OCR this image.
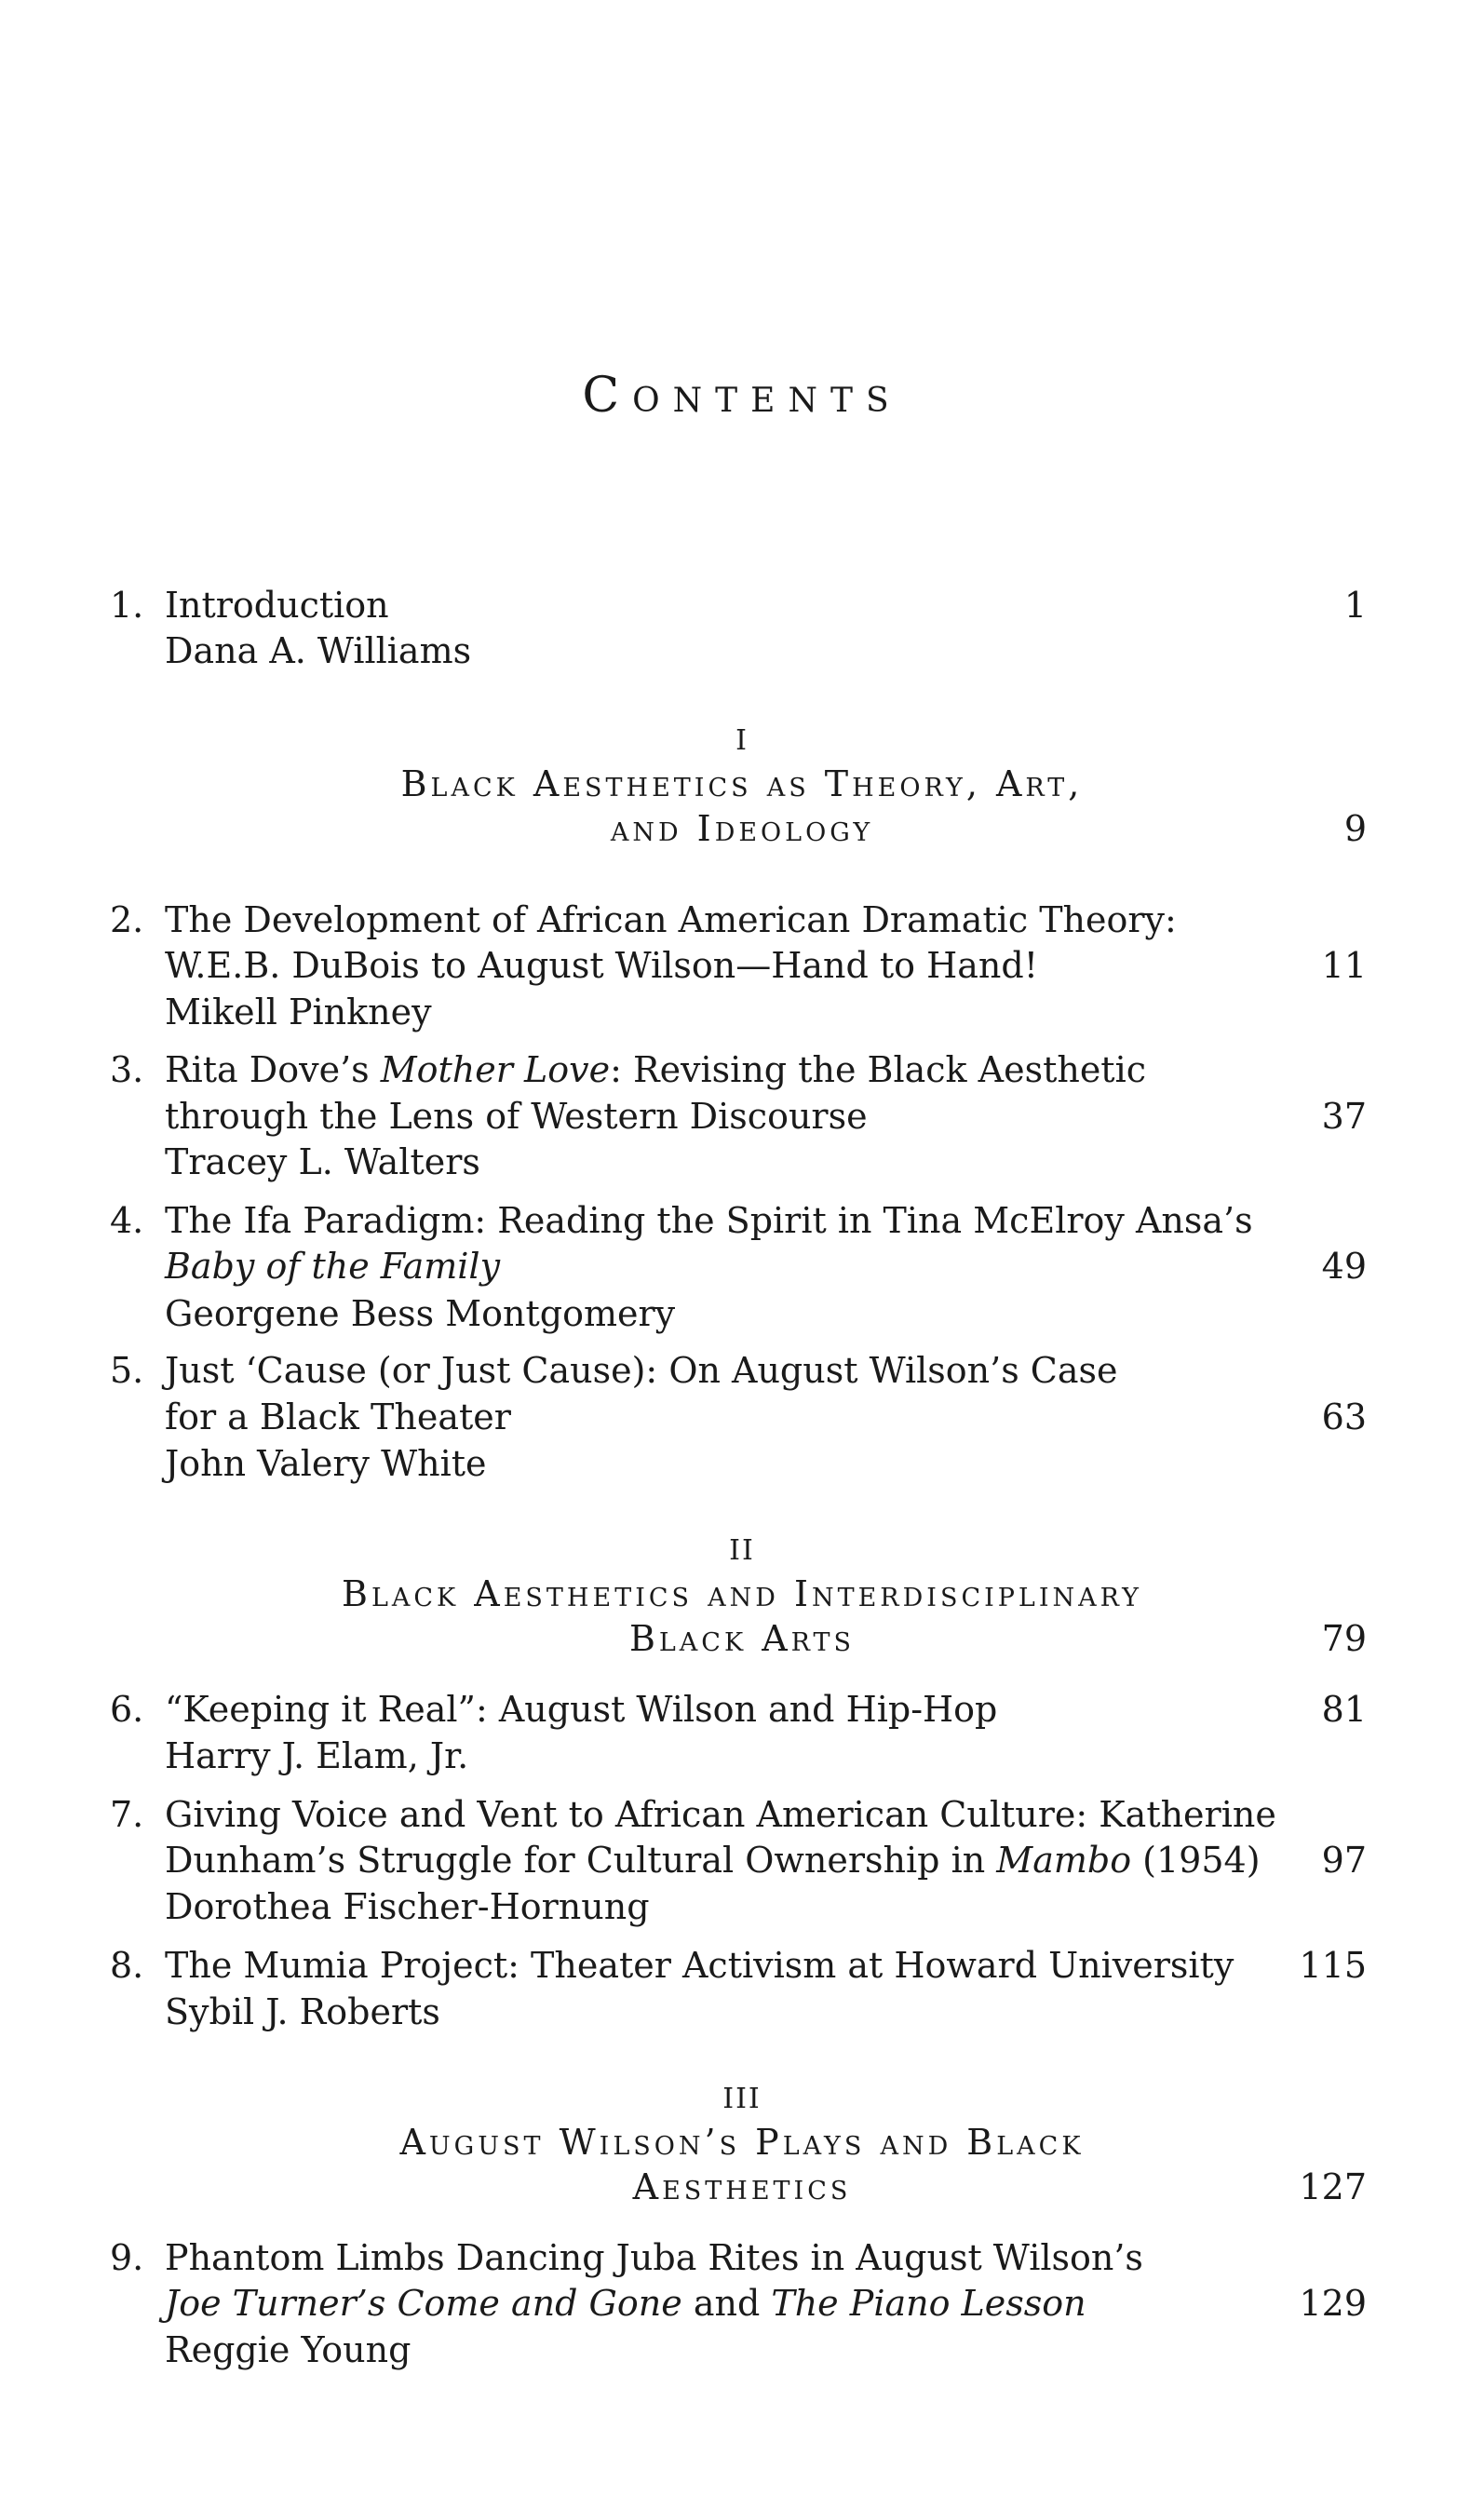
Contents
1. Introduction	1
Dana A. Williams
I
Black Aesthetics as Theory, Art,
and Ideology	9
2. The Development of African American Dramatic Theory:
W.E.B. DuBois to August Wilson—Hand to Hand!	11
Mikell Pinkney
3. Rita Dove’s Mother Love: Revising the Black Aesthetic
through the Lens of Western Discourse	37
Tracey L. Walters
4. The Ifa Paradigm: Reading the Spirit in Tina McElroy Ansa’s
Baby of the Family	49
Georgene Bess Montgomery
5. Just ‘Cause (or Just Cause): On August Wilson’s Case
for a Black Theater	63
John Valery White
II
Black Aesthetics and Interdisciplinary
Black Arts	79
6. “Keeping it Real”: August Wilson and Hip-Hop	81
Harry J. Elam, Jr.
7. Giving Voice and Vent to African American Culture: Katherine
Dunham’s Struggle for Cultural Ownership in Mambo (1954) 97
Dorothea Fischer-Hornung
8. The Mumia Project: Theater Activism at Howard University 115
Sybil J. Roberts
III
August Wilson’s Plays and Black
Aesthetics	127
9. Phantom Limbs Dancing Juba Rites in August Wilson’s
Joe Turner’s Come and Gone and The Piano Lesson	129
Reggie Young
